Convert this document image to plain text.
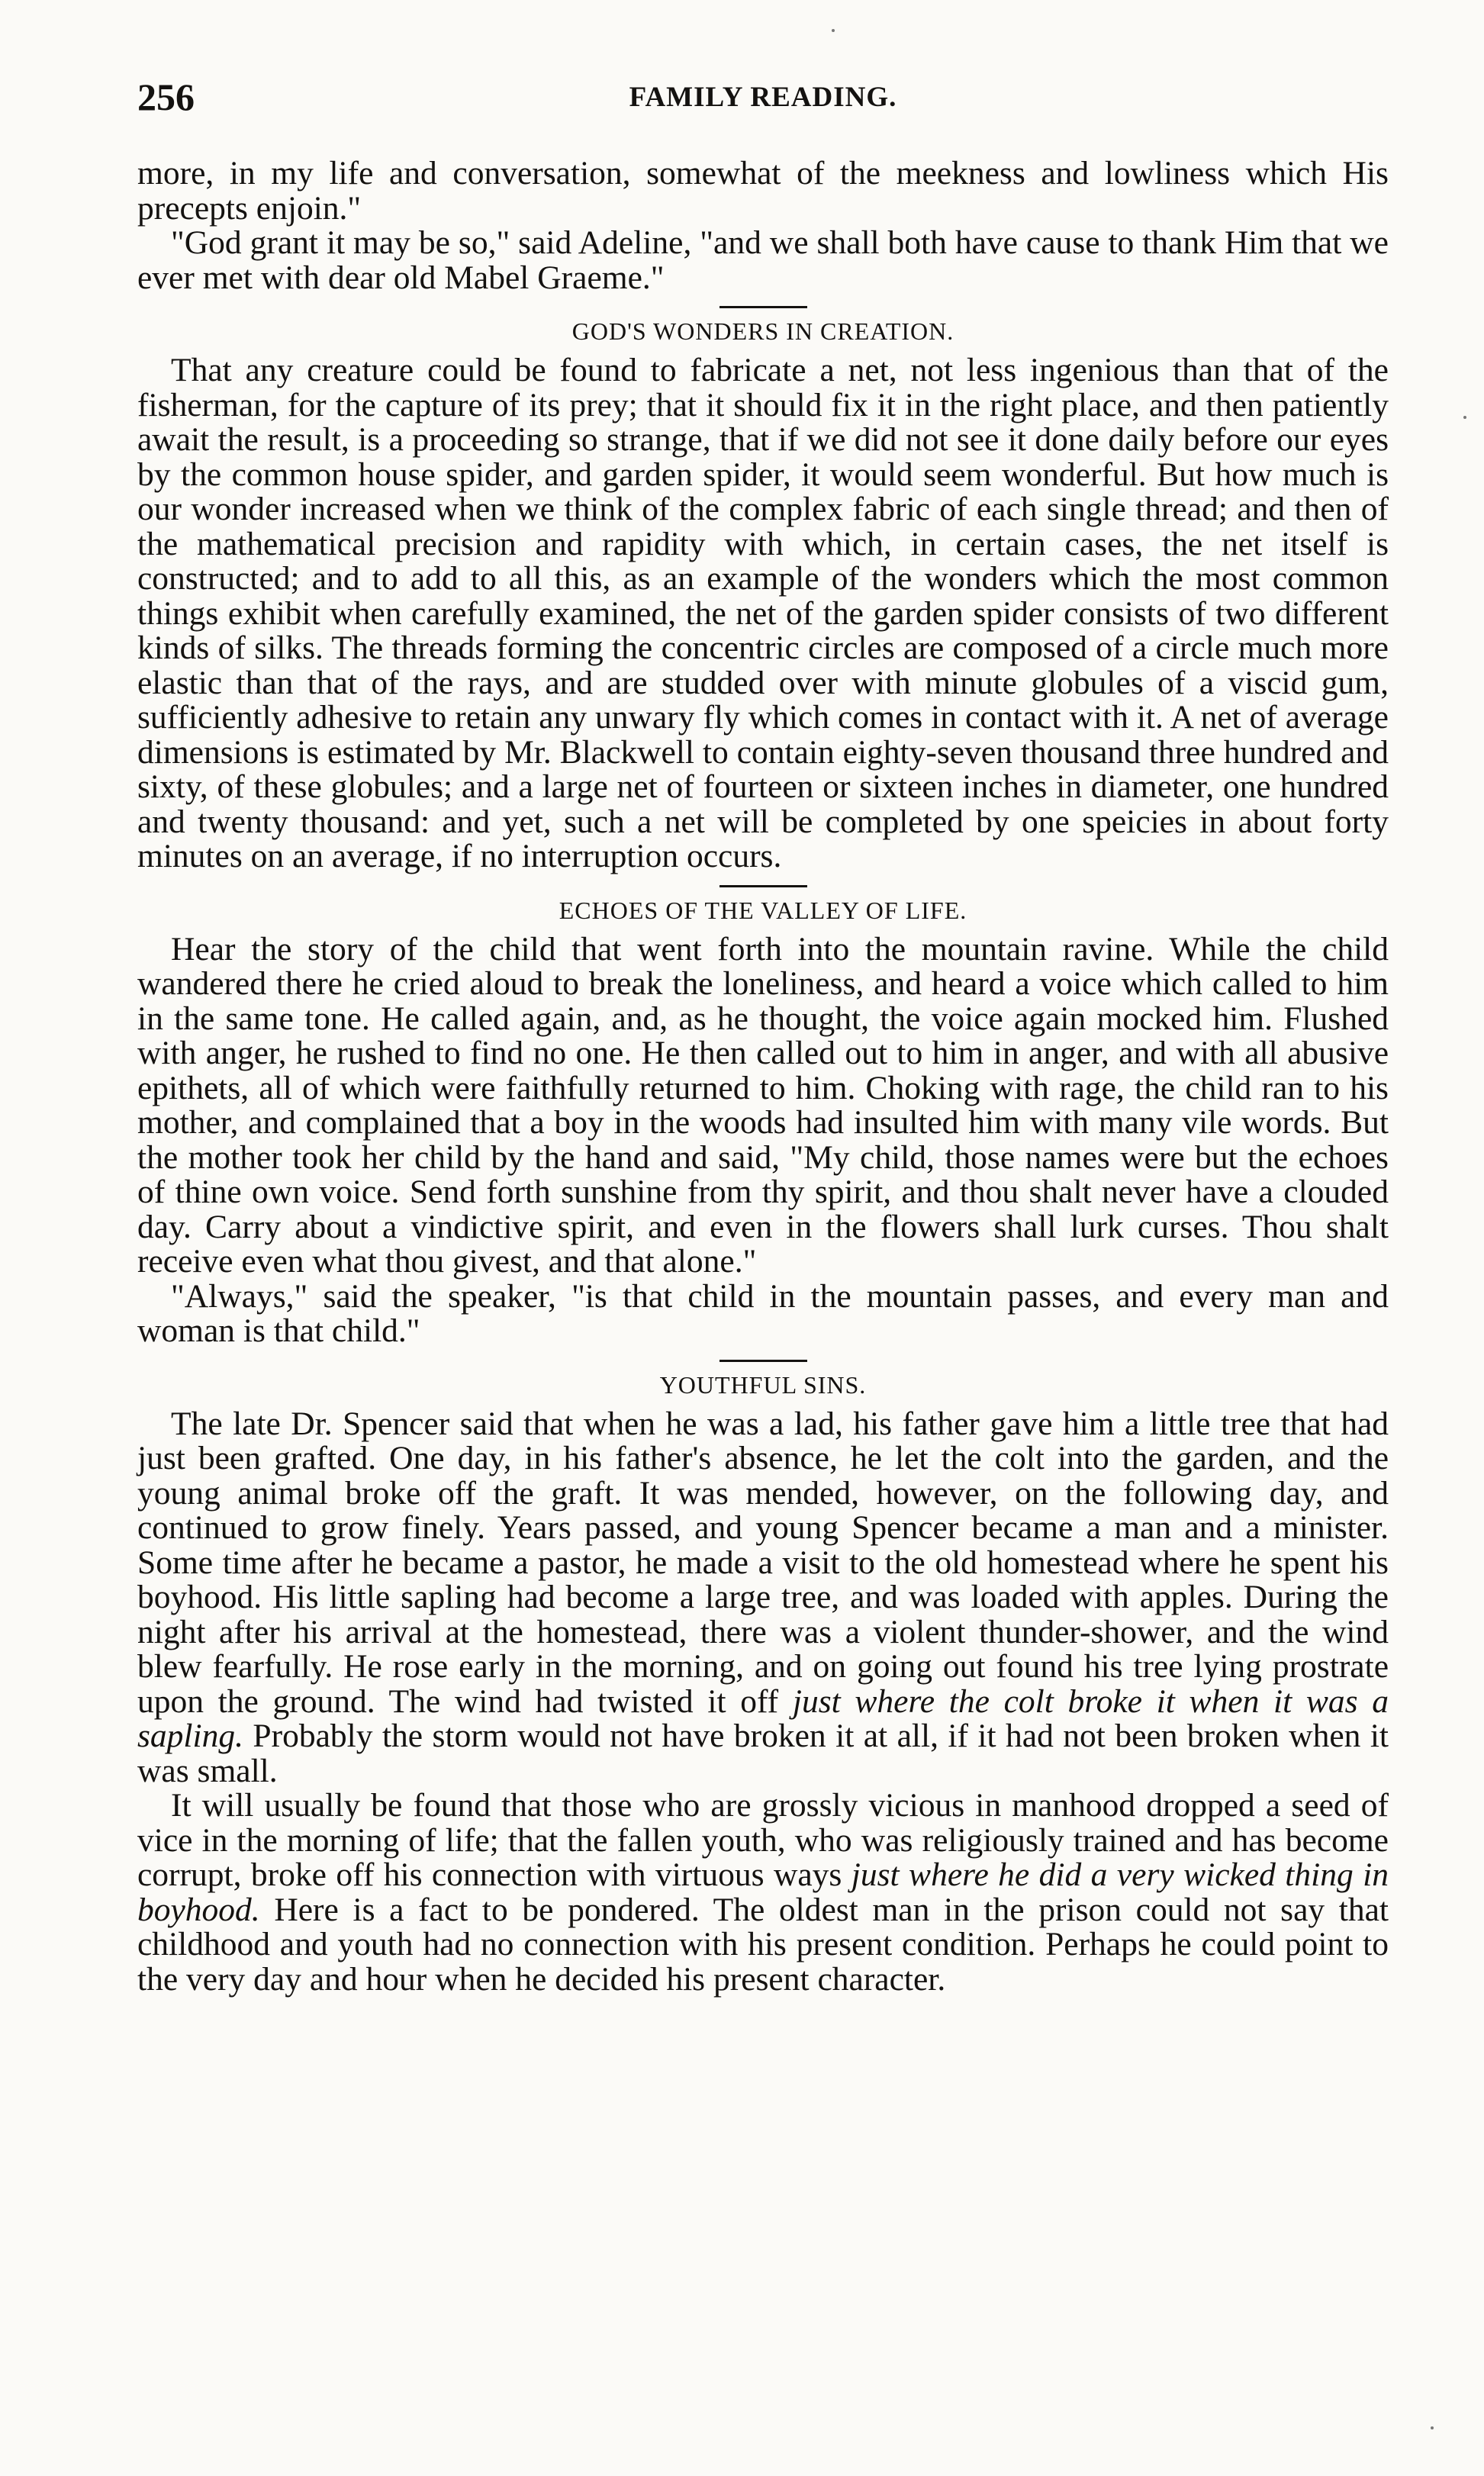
256	FAMILY READING.

more, in my life and conversation, somewhat of the meekness and lowliness which His precepts enjoin."

"God grant it may be so," said Adeline, "and we shall both have cause to thank Him that we ever met with dear old Mabel Graeme."

GOD'S WONDERS IN CREATION.

That any creature could be found to fabricate a net, not less ingenious than that of the fisherman, for the capture of its prey; that it should fix it in the right place, and then patiently await the result, is a proceeding so strange, that if we did not see it done daily before our eyes by the common house spider, and garden spider, it would seem wonderful. But how much is our wonder increased when we think of the complex fabric of each single thread; and then of the mathematical precision and rapidity with which, in certain cases, the net itself is constructed; and to add to all this, as an example of the wonders which the most common things exhibit when carefully examined, the net of the garden spider consists of two different kinds of silks. The threads forming the concentric circles are composed of a circle much more elastic than that of the rays, and are studded over with minute globules of a viscid gum, sufficiently adhesive to retain any unwary fly which comes in contact with it. A net of average dimensions is estimated by Mr. Blackwell to contain eighty-seven thousand three hundred and sixty, of these globules; and a large net of fourteen or sixteen inches in diameter, one hundred and twenty thousand: and yet, such a net will be completed by one speicies in about forty minutes on an average, if no interruption occurs.

ECHOES OF THE VALLEY OF LIFE.

Hear the story of the child that went forth into the mountain ravine. While the child wandered there he cried aloud to break the loneliness, and heard a voice which called to him in the same tone. He called again, and, as he thought, the voice again mocked him. Flushed with anger, he rushed to find no one. He then called out to him in anger, and with all abusive epithets, all of which were faithfully returned to him. Choking with rage, the child ran to his mother, and complained that a boy in the woods had insulted him with many vile words. But the mother took her child by the hand and said, "My child, those names were but the echoes of thine own voice. Send forth sunshine from thy spirit, and thou shalt never have a clouded day. Carry about a vindictive spirit, and even in the flowers shall lurk curses. Thou shalt receive even what thou givest, and that alone."

"Always," said the speaker, "is that child in the mountain passes, and every man and woman is that child."

YOUTHFUL SINS.

The late Dr. Spencer said that when he was a lad, his father gave him a little tree that had just been grafted. One day, in his father's absence, he let the colt into the garden, and the young animal broke off the graft. It was mended, however, on the following day, and continued to grow finely. Years passed, and young Spencer became a man and a minister. Some time after he became a pastor, he made a visit to the old homestead where he spent his boyhood. His little sapling had become a large tree, and was loaded with apples. During the night after his arrival at the homestead, there was a violent thunder-shower, and the wind blew fearfully. He rose early in the morning, and on going out found his tree lying prostrate upon the ground. The wind had twisted it off just where the colt broke it when it was a sapling. Probably the storm would not have broken it at all, if it had not been broken when it was small.

It will usually be found that those who are grossly vicious in manhood dropped a seed of vice in the morning of life; that the fallen youth, who was religiously trained and has become corrupt, broke off his connection with virtuous ways just where he did a very wicked thing in boyhood. Here is a fact to be pondered. The oldest man in the prison could not say that childhood and youth had no connection with his present condition. Perhaps he could point to the very day and hour when he decided his present character.
